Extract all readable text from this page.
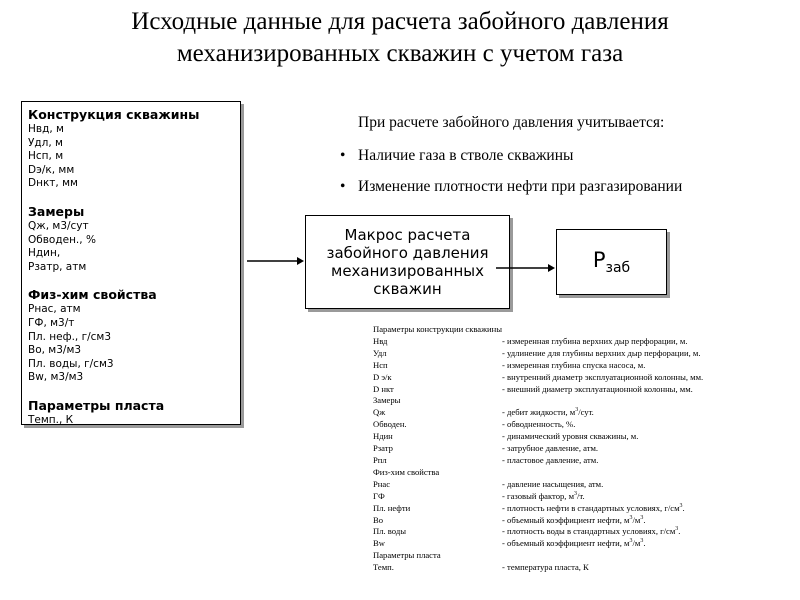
Исходные данные для расчета забойного давления
механизированных скважин с учетом газа
Конструкция скважины
Нвд, м
Удл, м
Нсп, м
Dэ/к, мм
Dнкт, мм
Замеры
Qж, м3/сут
Обводен., %
Ндин,
Рзатр, атм
Физ-хим свойства
Рнас, атм
ГФ, м3/т
Пл. неф., г/см3
Во, м3/м3
Пл. воды, г/см3
Bw, м3/м3
Параметры пласта
Темп., К
Макрос расчета забойного давления механизированных скважин
$Р_{заб}$
При расчете забойного давления учитывается:
• Наличие газа в стволе скважины
• Изменение плотности нефти при разгазировании
Параметры конструкции скважины	
Нвд	- измеренная глубина верхних дыр перфорации, м.
Удл	- удлинение для глубины верхних дыр перфорации, м.
Нсп	- измеренная глубина спуска насоса, м.
D э/к	- внутренний диаметр эксплуатационной колонны, мм.
D нкт	- внешний диаметр эксплуатационной колонны, мм.
Замеры	
Qж	- дебит жидкости, $м^3$/сут.
Обводен.	- обводненность, %.
Ндин	- динамический уровня скважины, м.
Рзатр	- затрубное давление, атм.
Рпл	- пластовое давление, атм.
Физ-хим свойства	
Рнас	- давление насыщения, атм.
ГФ	- газовый фактор, $м^3/т$.
Пл. нефти	- плотность нефти в стандартных условиях, $г/см^3$.
Во	- объемный коэффициент нефти, $м^3/м^3$.
Пл. воды	- плотность воды в стандартных условиях, $г/см^3$.
Bw	- объемный коэффициент нефти, $м^3/м^3$.
Параметры пласта	
Темп.	- температура пласта, К
